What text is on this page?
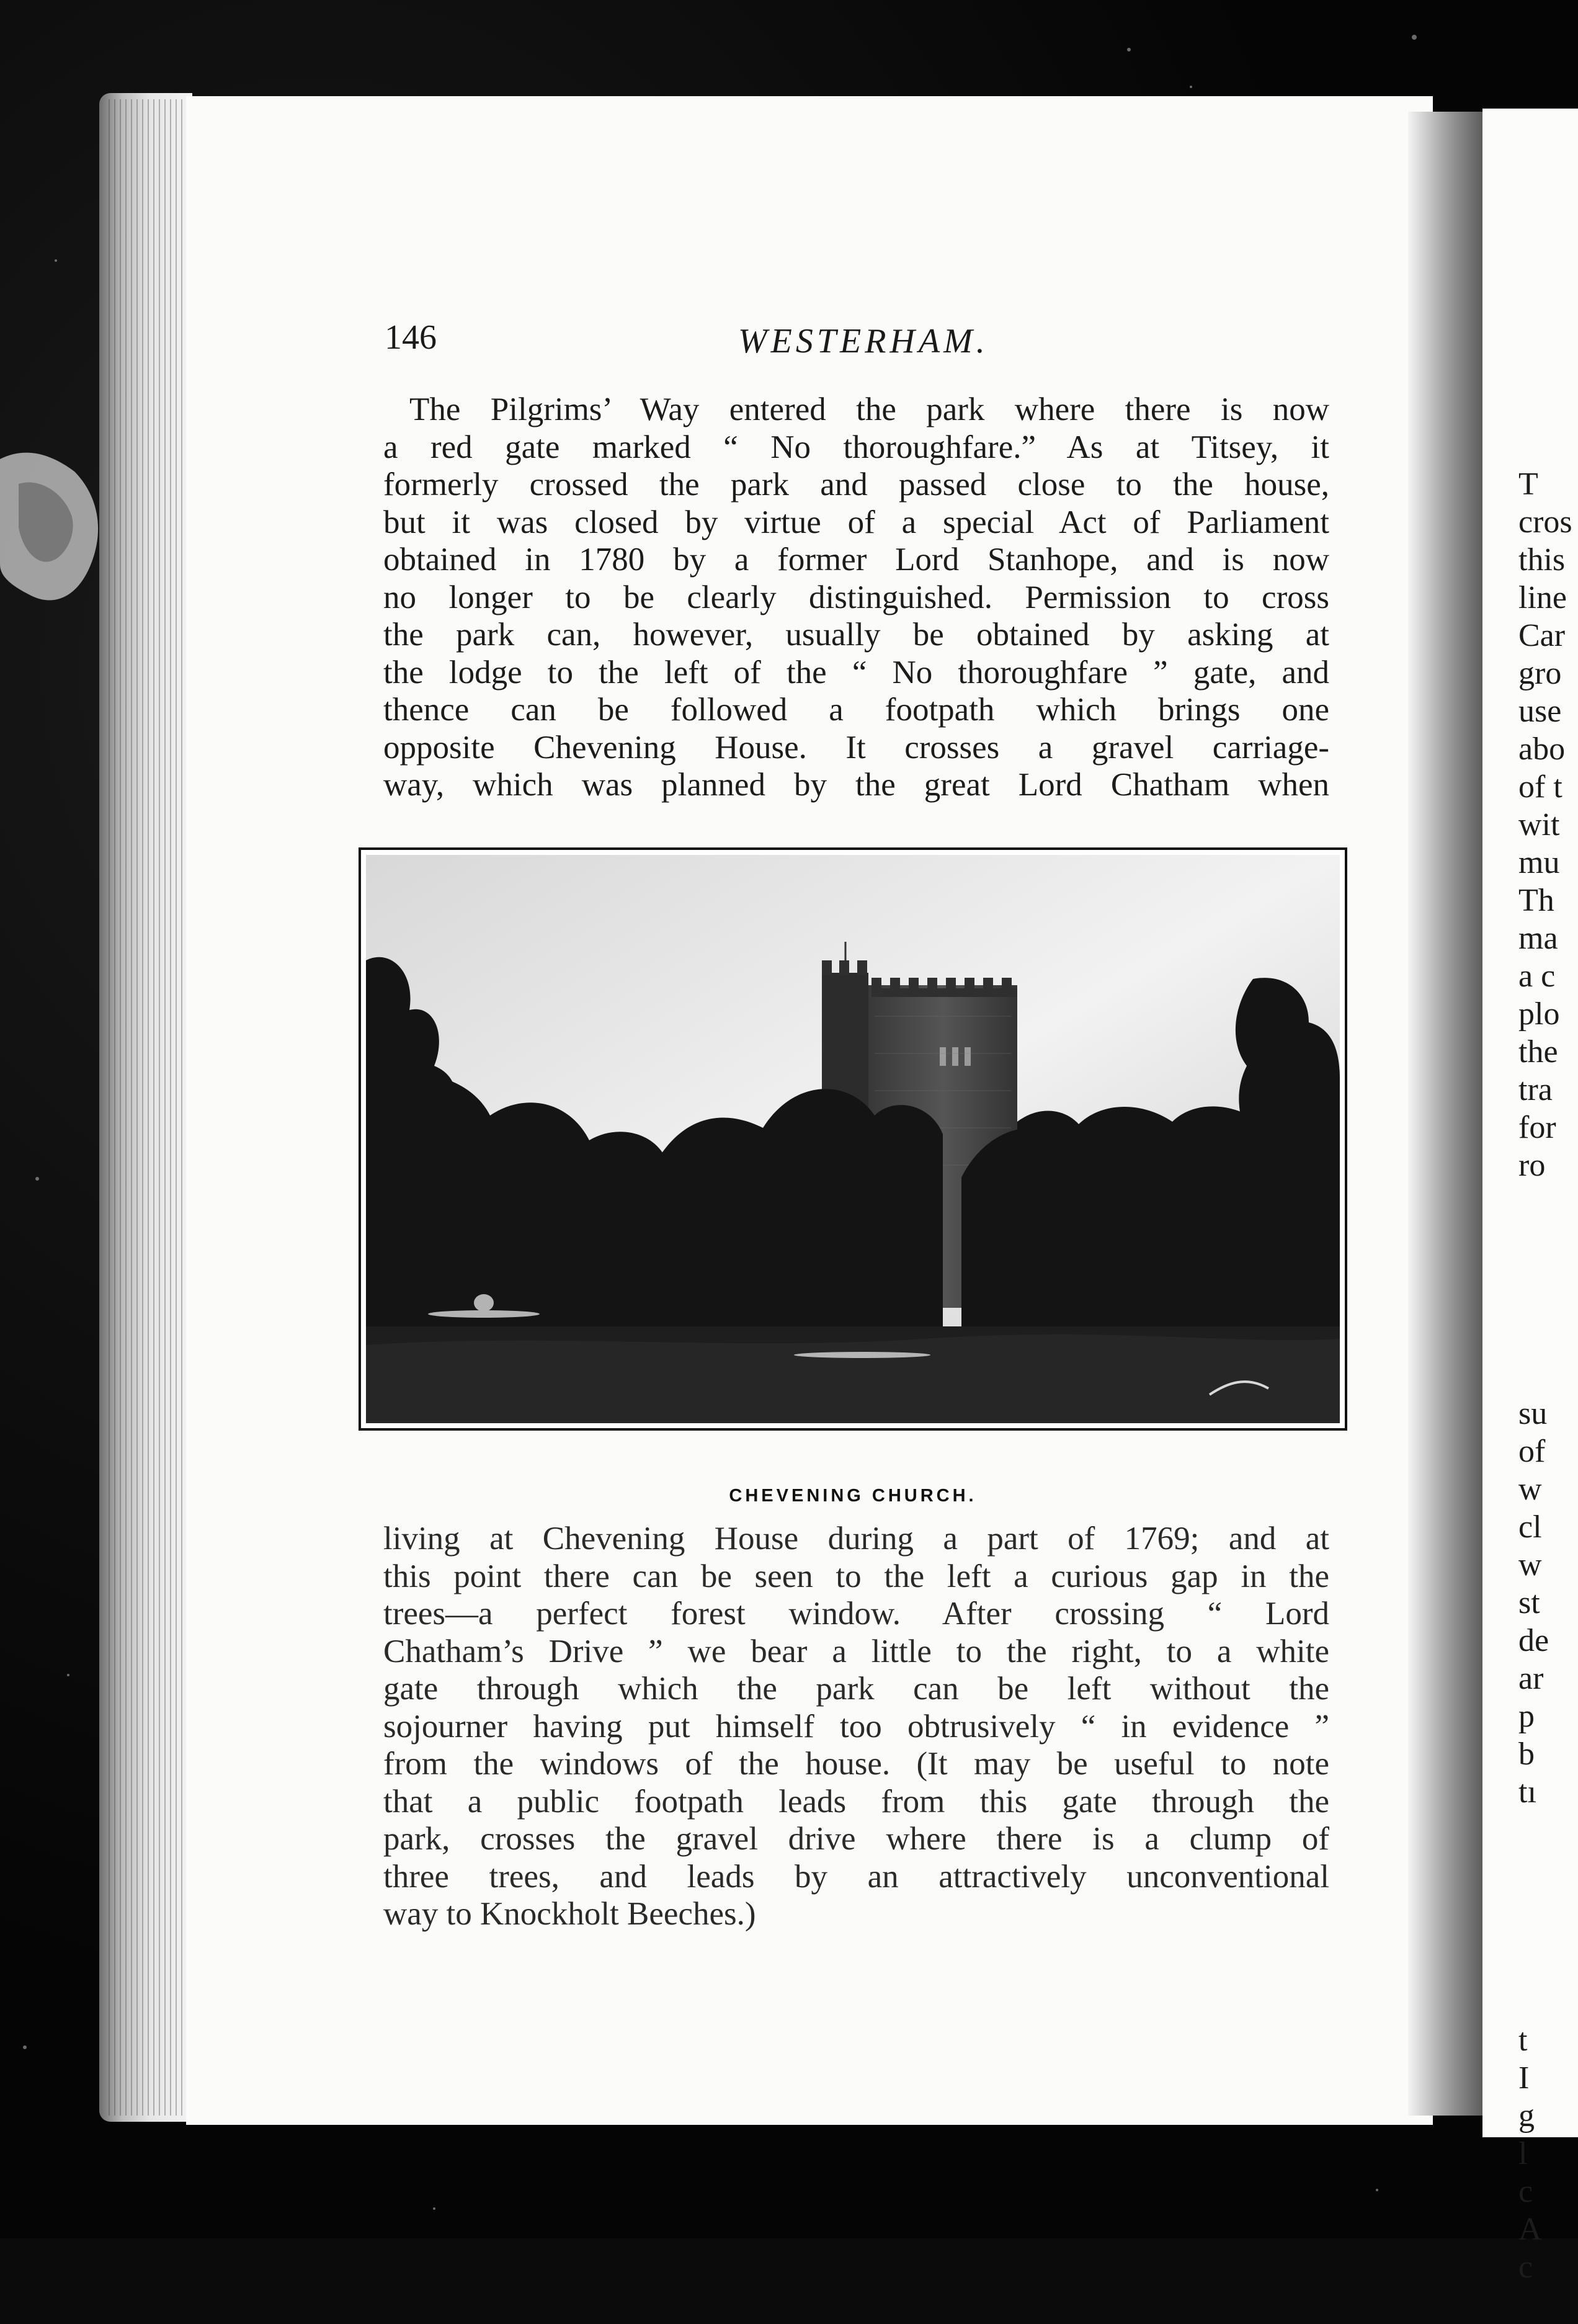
T
cros
this
line
Car
gro
use
abo
of t
wit
mu
Th
ma
a c
plo
the
tra
for
ro

su
of
w
cl
w
st
de
ar
p
b
tı

t
I
g
l
c
A
c

146	WESTERHAM.
The Pilgrims’ Way entered the park where there is now
a red gate marked “ No thoroughfare.” As at Titsey, it
formerly crossed the park and passed close to the house,
but it was closed by virtue of a special Act of Parliament
obtained in 1780 by a former Lord Stanhope, and is now
no longer to be clearly distinguished. Permission to cross
the park can, however, usually be obtained by asking at
the lodge to the left of the “ No thoroughfare ” gate, and
thence can be followed a footpath which brings one
opposite Chevening House. It crosses a gravel carriage-
way, which was planned by the great Lord Chatham when
CHEVENING CHURCH.
living at Chevening House during a part of 1769; and at
this point there can be seen to the left a curious gap in the
trees—a perfect forest window. After crossing “ Lord
Chatham’s Drive ” we bear a little to the right, to a white
gate through which the park can be left without the
sojourner having put himself too obtrusively “ in evidence ”
from the windows of the house. (It may be useful to note
that a public footpath leads from this gate through the
park, crosses the gravel drive where there is a clump of
three trees, and leads by an attractively unconventional
way to Knockholt Beeches.)
